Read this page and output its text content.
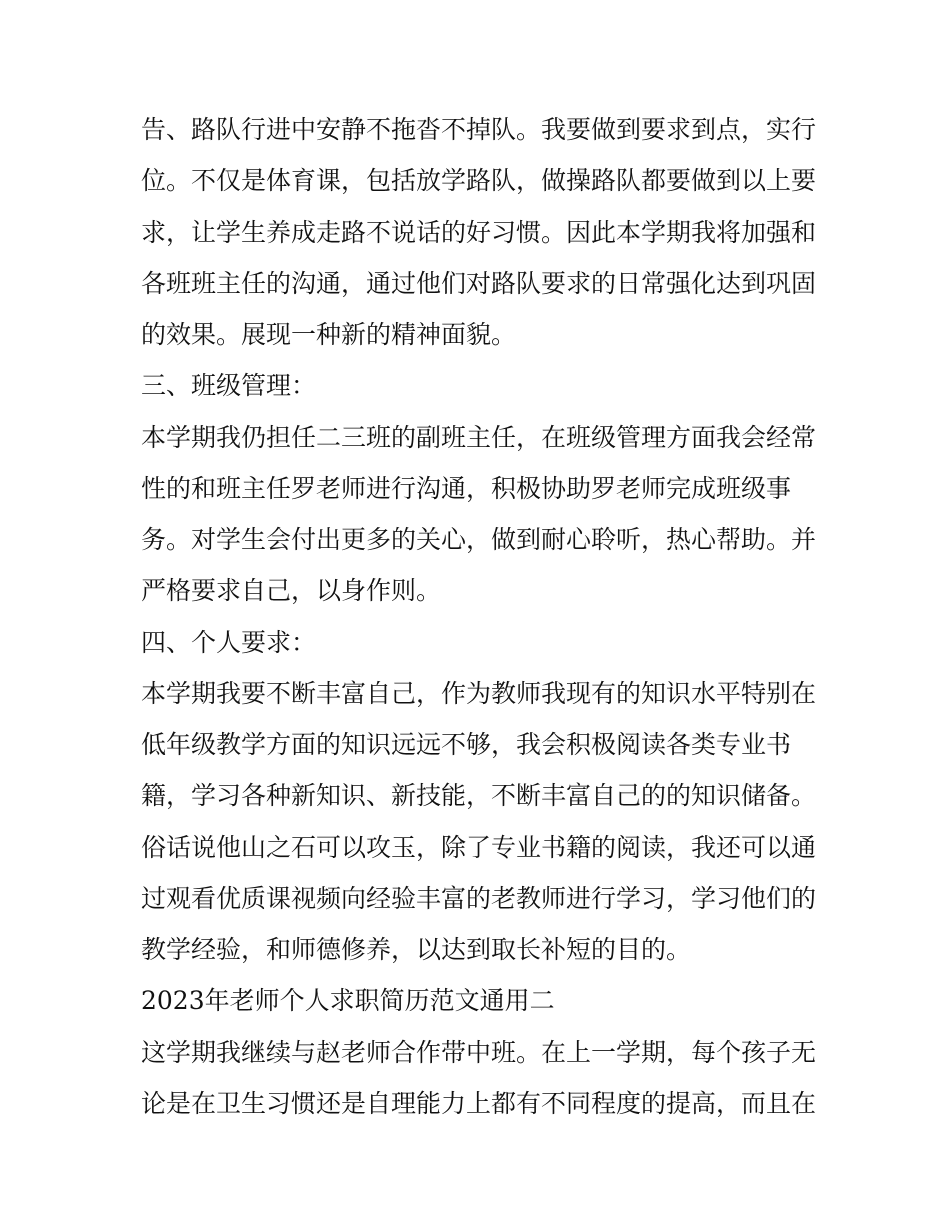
告、路队行进中安静不拖沓不掉队。我要做到要求到点，实行
位。不仅是体育课，包括放学路队，做操路队都要做到以上要
求，让学生养成走路不说话的好习惯。因此本学期我将加强和
各班班主任的沟通，通过他们对路队要求的日常强化达到巩固
的效果。展现一种新的精神面貌。
三、班级管理：
本学期我仍担任二三班的副班主任，在班级管理方面我会经常
性的和班主任罗老师进行沟通，积极协助罗老师完成班级事
务。对学生会付出更多的关心，做到耐心聆听，热心帮助。并
严格要求自己，以身作则。
四、个人要求：
本学期我要不断丰富自己，作为教师我现有的知识水平特别在
低年级教学方面的知识远远不够，我会积极阅读各类专业书
籍，学习各种新知识、新技能，不断丰富自己的的知识储备。
俗话说他山之石可以攻玉，除了专业书籍的阅读，我还可以通
过观看优质课视频向经验丰富的老教师进行学习，学习他们的
教学经验，和师德修养，以达到取长补短的目的。
2023年老师个人求职简历范文通用二
这学期我继续与赵老师合作带中班。在上一学期，每个孩子无
论是在卫生习惯还是自理能力上都有不同程度的提高，而且在
